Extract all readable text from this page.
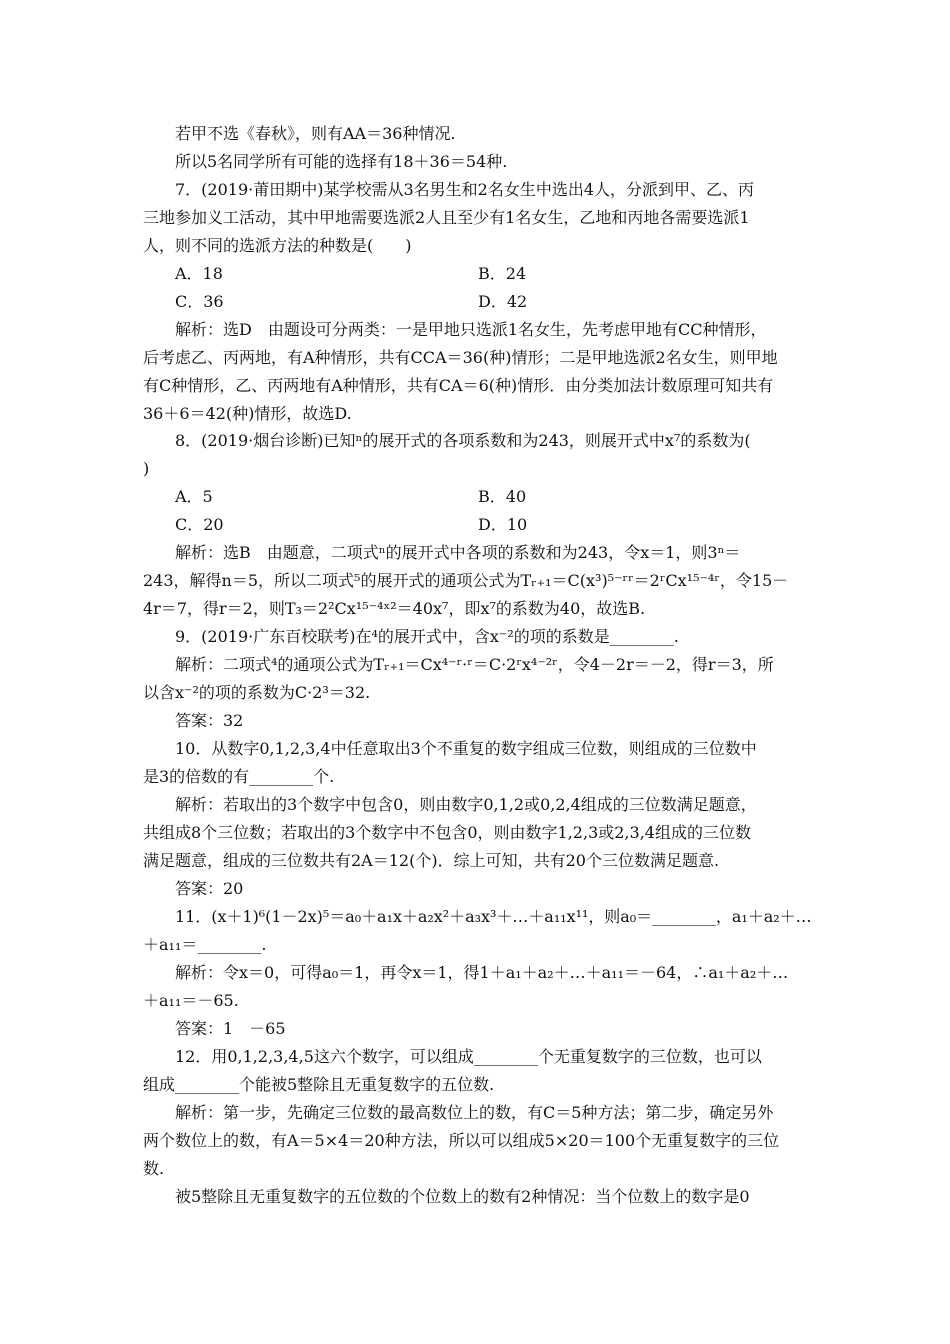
若甲不选《春秋》，则有AA＝36种情况.
所以5名同学所有可能的选择有18＋36＝54种.
7．(2019·莆田期中)某学校需从3名男生和2名女生中选出4人，分派到甲、乙、丙
三地参加义工活动，其中甲地需要选派2人且至少有1名女生，乙地和丙地各需要选派1
人，则不同的选派方法的种数是(　　)
A．18	B．24
C．36	D．42
解析：选D　由题设可分两类：一是甲地只选派1名女生，先考虑甲地有CC种情形，
后考虑乙、丙两地，有A种情形，共有CCA＝36(种)情形；二是甲地选派2名女生，则甲地
有C种情形，乙、丙两地有A种情形，共有CA＝6(种)情形．由分类加法计数原理可知共有
36＋6＝42(种)情形，故选D.
8．(2019·烟台诊断)已知ⁿ的展开式的各项系数和为243，则展开式中x⁷的系数为(
)
A．5	B．40
C．20	D．10
解析：选B　由题意，二项式ⁿ的展开式中各项的系数和为243，令x＝1，则3ⁿ＝
243，解得n＝5，所以二项式⁵的展开式的通项公式为Tᵣ₊₁＝C(x³)⁵⁻ʳʳ＝2ʳCx¹⁵⁻⁴ʳ，令15－
4r＝7，得r＝2，则T₃＝2²Cx¹⁵⁻⁴ˣ²＝40x⁷，即x⁷的系数为40，故选B.
9．(2019·广东百校联考)在⁴的展开式中，含x⁻²的项的系数是________.
解析：二项式⁴的通项公式为Tᵣ₊₁＝Cx⁴⁻ʳ·ʳ＝C·2ʳx⁴⁻²ʳ，令4－2r＝－2，得r＝3，所
以含x⁻²的项的系数为C·2³＝32.
答案：32
10．从数字0,1,2,3,4中任意取出3个不重复的数字组成三位数，则组成的三位数中
是3的倍数的有________个.
解析：若取出的3个数字中包含0，则由数字0,1,2或0,2,4组成的三位数满足题意，
共组成8个三位数；若取出的3个数字中不包含0，则由数字1,2,3或2,3,4组成的三位数
满足题意，组成的三位数共有2A＝12(个)．综上可知，共有20个三位数满足题意.
答案：20
11．(x＋1)⁶(1－2x)⁵＝a₀＋a₁x＋a₂x²＋a₃x³＋…＋a₁₁x¹¹，则a₀＝________，a₁＋a₂＋…
＋a₁₁＝________.
解析：令x＝0，可得a₀＝1，再令x＝1，得1＋a₁＋a₂＋…＋a₁₁＝－64，∴a₁＋a₂＋…
＋a₁₁＝－65.
答案：1　－65
12．用0,1,2,3,4,5这六个数字，可以组成________个无重复数字的三位数，也可以
组成________个能被5整除且无重复数字的五位数.
解析：第一步，先确定三位数的最高数位上的数，有C＝5种方法；第二步，确定另外
两个数位上的数，有A＝5×4＝20种方法，所以可以组成5×20＝100个无重复数字的三位
数.
被5整除且无重复数字的五位数的个位数上的数有2种情况：当个位数上的数字是0
